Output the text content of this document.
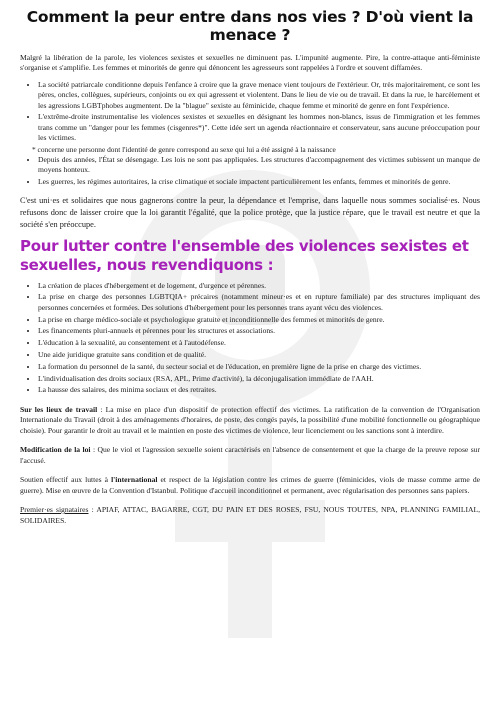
Comment la peur entre dans nos vies ? D'où vient la menace ?

Malgré la libération de la parole, les violences sexistes et sexuelles ne diminuent pas. L'impunité augmente. Pire, la contre-attaque anti-féministe s'organise et s'amplifie. Les femmes et minorités de genre qui dénoncent les agresseurs sont rappelées à l'ordre et souvent diffamées.

• La société patriarcale conditionne depuis l'enfance à croire que la grave menace vient toujours de l'extérieur. Or, très majoritairement, ce sont les pères, oncles, collègues, supérieurs, conjoints ou ex qui agressent et violentent. Dans le lieu de vie ou de travail. Et dans la rue, le harcèlement et les agressions LGBTphobes augmentent. De la "blague" sexiste au féminicide, chaque femme et minorité de genre en font l'expérience.
• L'extrême-droite instrumentalise les violences sexistes et sexuelles en désignant les hommes non-blancs, issus de l'immigration et les femmes trans comme un "danger pour les femmes (cisgenres*)". Cette idée sert un agenda réactionnaire et conservateur, sans aucune préoccupation pour les victimes.

* concerne une personne dont l'identité de genre correspond au sexe qui lui a été assigné à la naissance

• Depuis des années, l'État se désengage. Les lois ne sont pas appliquées. Les structures d'accompagnement des victimes subissent un manque de moyens honteux.
• Les guerres, les régimes autoritaires, la crise climatique et sociale impactent particulièrement les enfants, femmes et minorités de genre.

C'est uni·es et solidaires que nous gagnerons contre la peur, la dépendance et l'emprise, dans laquelle nous sommes socialisé·es. Nous refusons donc de laisser croire que la loi garantit l'égalité, que la police protège, que la justice répare, que le travail est neutre et que la société s'en préoccupe.

Pour lutter contre l'ensemble des violences sexistes et sexuelles, nous revendiquons :
• La création de places d'hébergement et de logement, d'urgence et pérennes.
• La prise en charge des personnes LGBTQIA+ précaires (notamment mineur·es et en rupture familiale) par des structures impliquant des personnes concernées et formées. Des solutions d'hébergement pour les personnes trans ayant vécu des violences.
• La prise en charge médico-sociale et psychologique gratuite et inconditionnelle des femmes et minorités de genre.
• Les financements pluri-annuels et pérennes pour les structures et associations.
• L'éducation à la sexualité, au consentement et à l'autodéfense.
• Une aide juridique gratuite sans condition et de qualité.
• La formation du personnel de la santé, du secteur social et de l'éducation, en première ligne de la prise en charge des victimes.
• L'individualisation des droits sociaux (RSA, APL, Prime d'activité), la déconjugalisation immédiate de l'AAH.
• La hausse des salaires, des minima sociaux et des retraites.

Sur les lieux de travail : La mise en place d'un dispositif de protection effectif des victimes. La ratification de la convention de l'Organisation Internationale du Travail (droit à des aménagements d'horaires, de poste, des congés payés, la possibilité d'une mobilité fonctionnelle ou géographique choisie). Pour garantir le droit au travail et le maintien en poste des victimes de violence, leur licenciement ou les sanctions sont à interdire.

Modification de la loi : Que le viol et l'agression sexuelle soient caractérisés en l'absence de consentement et que la charge de la preuve repose sur l'accusé.

Soutien effectif aux luttes à l'international et respect de la législation contre les crimes de guerre (féminicides, viols de masse comme arme de guerre). Mise en œuvre de la Convention d'Istanbul. Politique d'accueil inconditionnel et permanent, avec régularisation des personnes sans papiers.

Premier·es signataires : APIAF, ATTAC, BAGARRE, CGT, DU PAIN ET DES ROSES, FSU, NOUS TOUTES, NPA, PLANNING FAMILIAL, SOLIDAIRES.
